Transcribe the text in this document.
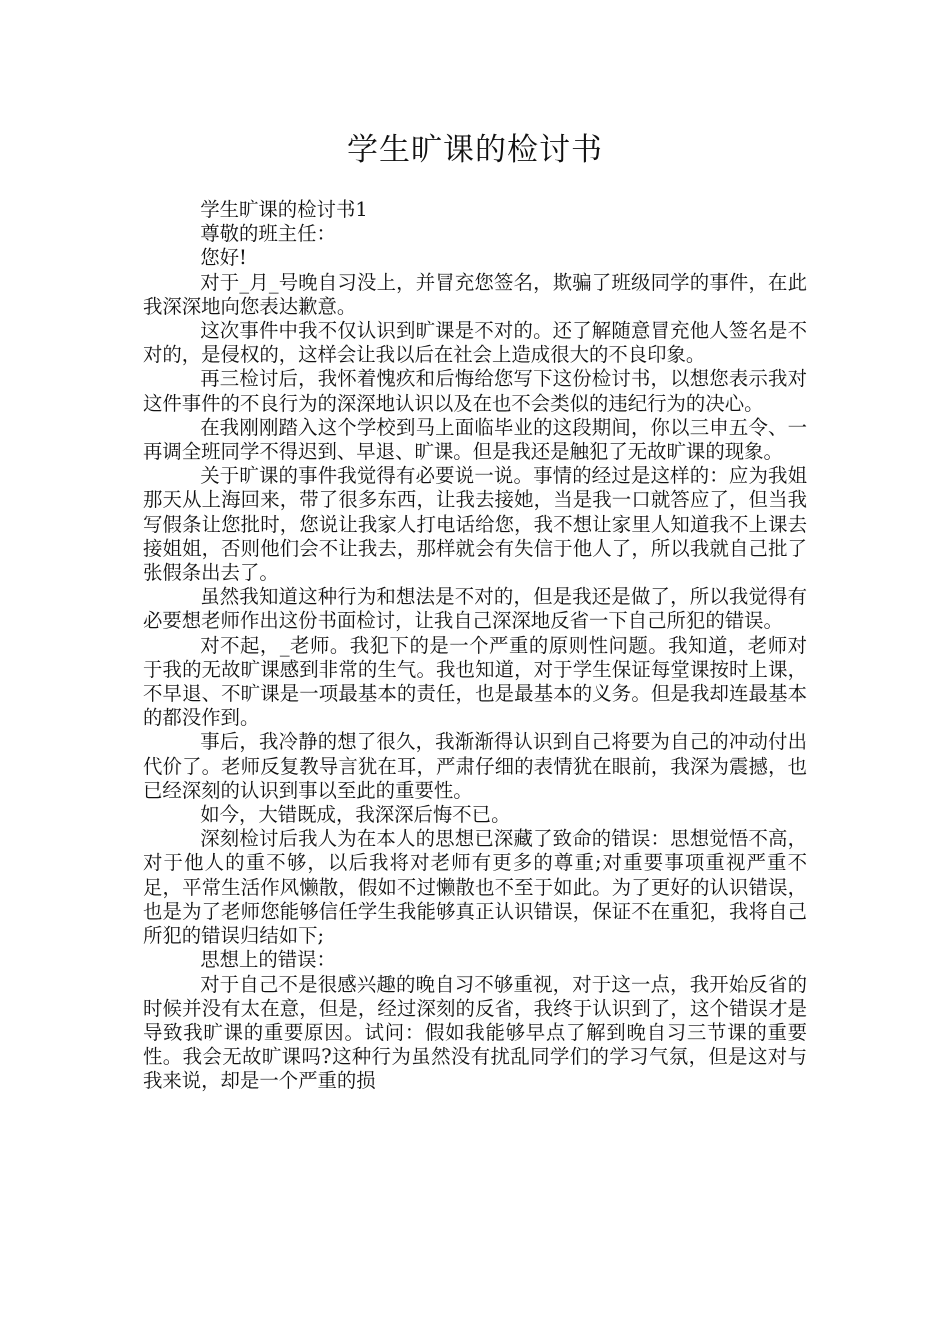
学生旷课的检讨书

学生旷课的检讨书1

尊敬的班主任：

您好!

对于_月_号晚自习没上，并冒充您签名，欺骗了班级同学的事件，在此我深深地向您表达歉意。

这次事件中我不仅认识到旷课是不对的。还了解随意冒充他人签名是不对的，是侵权的，这样会让我以后在社会上造成很大的不良印象。

再三检讨后，我怀着愧疚和后悔给您写下这份检讨书，以想您表示我对这件事件的不良行为的深深地认识以及在也不会类似的违纪行为的决心。

在我刚刚踏入这个学校到马上面临毕业的这段期间，你以三申五令、一再调全班同学不得迟到、早退、旷课。但是我还是触犯了无故旷课的现象。

关于旷课的事件我觉得有必要说一说。事情的经过是这样的：应为我姐那天从上海回来，带了很多东西，让我去接她，当是我一口就答应了，但当我写假条让您批时，您说让我家人打电话给您，我不想让家里人知道我不上课去接姐姐，否则他们会不让我去，那样就会有失信于他人了，所以我就自己批了张假条出去了。

虽然我知道这种行为和想法是不对的，但是我还是做了，所以我觉得有必要想老师作出这份书面检讨，让我自己深深地反省一下自己所犯的错误。

对不起，_老师。我犯下的是一个严重的原则性问题。我知道，老师对于我的无故旷课感到非常的生气。我也知道，对于学生保证每堂课按时上课，不早退、不旷课是一项最基本的责任，也是最基本的义务。但是我却连最基本的都没作到。

事后，我冷静的想了很久，我渐渐得认识到自己将要为自己的冲动付出代价了。老师反复教导言犹在耳，严肃仔细的表情犹在眼前，我深为震撼，也已经深刻的认识到事以至此的重要性。

如今，大错既成，我深深后悔不已。

深刻检讨后我人为在本人的思想已深藏了致命的错误：思想觉悟不高，对于他人的重不够，以后我将对老师有更多的尊重;对重要事项重视严重不足，平常生活作风懒散，假如不过懒散也不至于如此。为了更好的认识错误，也是为了老师您能够信任学生我能够真正认识错误，保证不在重犯，我将自己所犯的错误归结如下;

思想上的错误：

对于自己不是很感兴趣的晚自习不够重视，对于这一点，我开始反省的时候并没有太在意，但是，经过深刻的反省，我终于认识到了，这个错误才是导致我旷课的重要原因。试问：假如我能够早点了解到晚自习三节课的重要性。我会无故旷课吗?这种行为虽然没有扰乱同学们的学习气氛，但是这对与我来说，却是一个严重的损
